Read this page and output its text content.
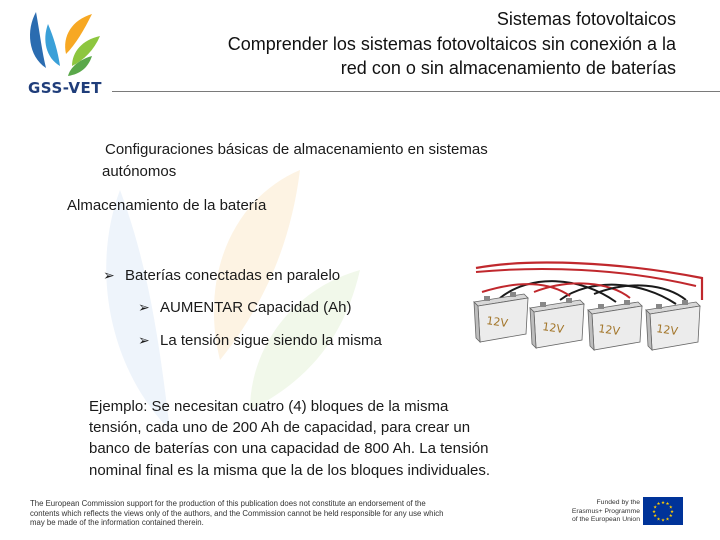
GSS-VET
Sistemas fotovoltaicos
Comprender los sistemas fotovoltaicos sin conexión a la
red con o sin almacenamiento de baterías
Configuraciones básicas de almacenamiento en sistemas
autónomos
Almacenamiento de la batería
➢ Baterías conectadas en paralelo
➢ AUMENTAR Capacidad (Ah)
➢ La tensión sigue siendo la misma
Ejemplo: Se necesitan cuatro (4) bloques de la misma
tensión, cada uno de 200 Ah de capacidad, para crear un
banco de baterías con una capacidad de 800 Ah. La tensión
nominal final es la misma que la de los bloques individuales.
12V	12V	12V	12V
The European Commission support for the production of this publication does not constitute an endorsement of the
contents which reflects the views only of the authors, and the Commission cannot be held responsible for any use which
may be made of the information contained therein.
Funded by the
Erasmus+ Programme
of the European Union
★ ★
★
★
★
★
★
★
★
★
★
★
